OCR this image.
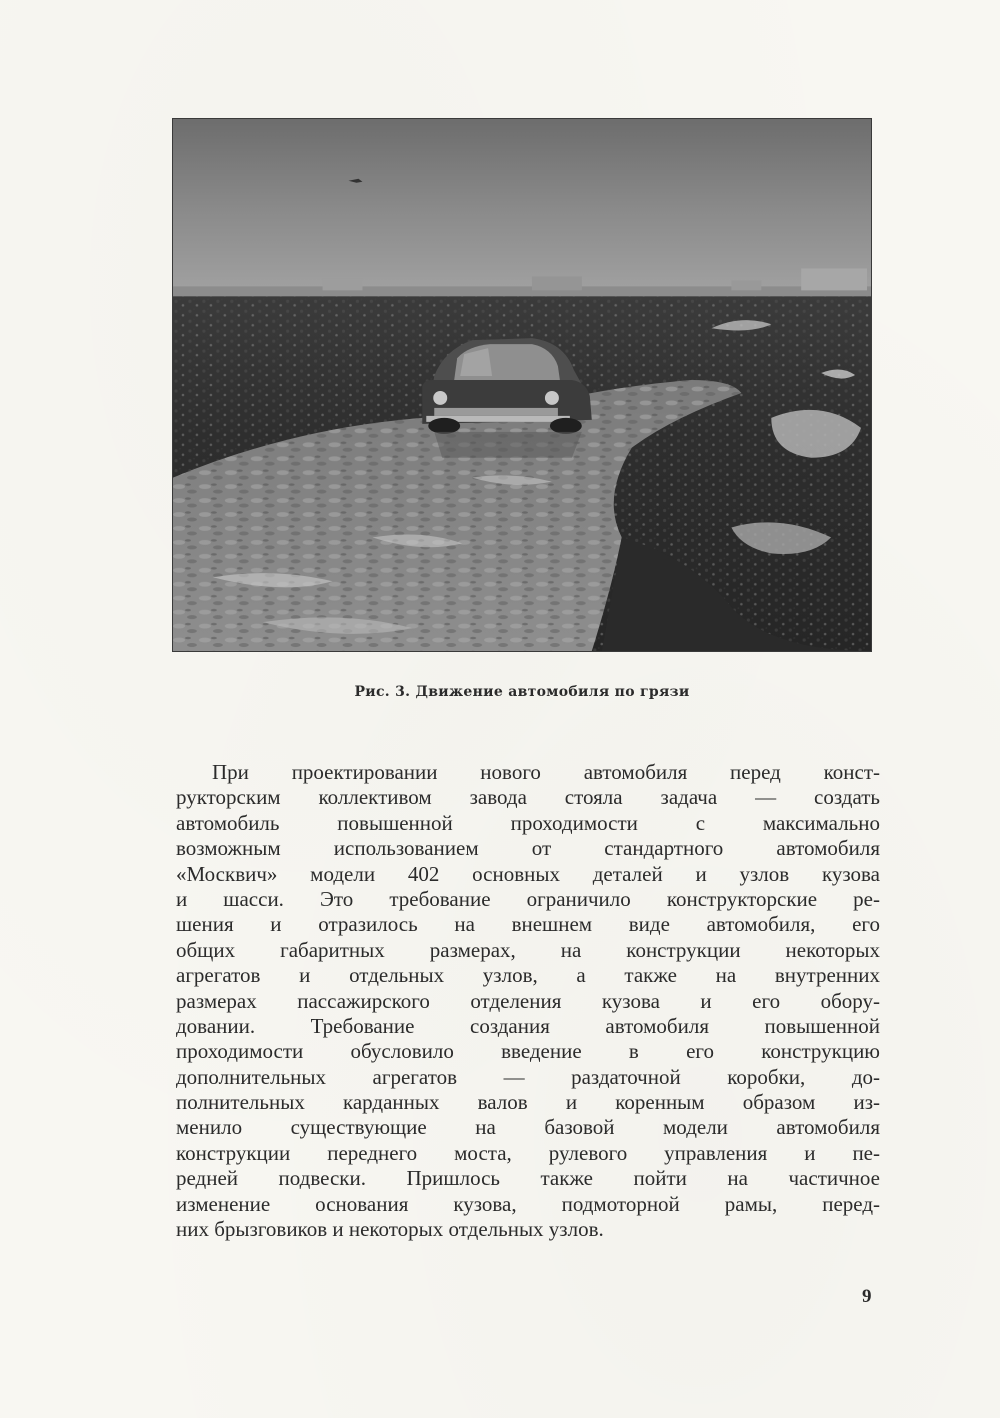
Рис. 3. Движение автомобиля по грязи

При проектировании нового автомобиля перед конст-
рукторским коллективом завода стояла задача — создать
автомобиль повышенной проходимости с максимально
возможным использованием от стандартного автомобиля
«Москвич» модели 402 основных деталей и узлов кузова
и шасси. Это требование ограничило конструкторские ре-
шения и отразилось на внешнем виде автомобиля, его
общих габаритных размерах, на конструкции некоторых
агрегатов и отдельных узлов, а также на внутренних
размерах пассажирского отделения кузова и его обору-
довании. Требование создания автомобиля повышенной
проходимости обусловило введение в его конструкцию
дополнительных агрегатов — раздаточной коробки, до-
полнительных карданных валов и коренным образом из-
менило существующие на базовой модели автомобиля
конструкции переднего моста, рулевого управления и пе-
редней подвески. Пришлось также пойти на частичное
изменение основания кузова, подмоторной рамы, перед-
них брызговиков и некоторых отдельных узлов.

9
